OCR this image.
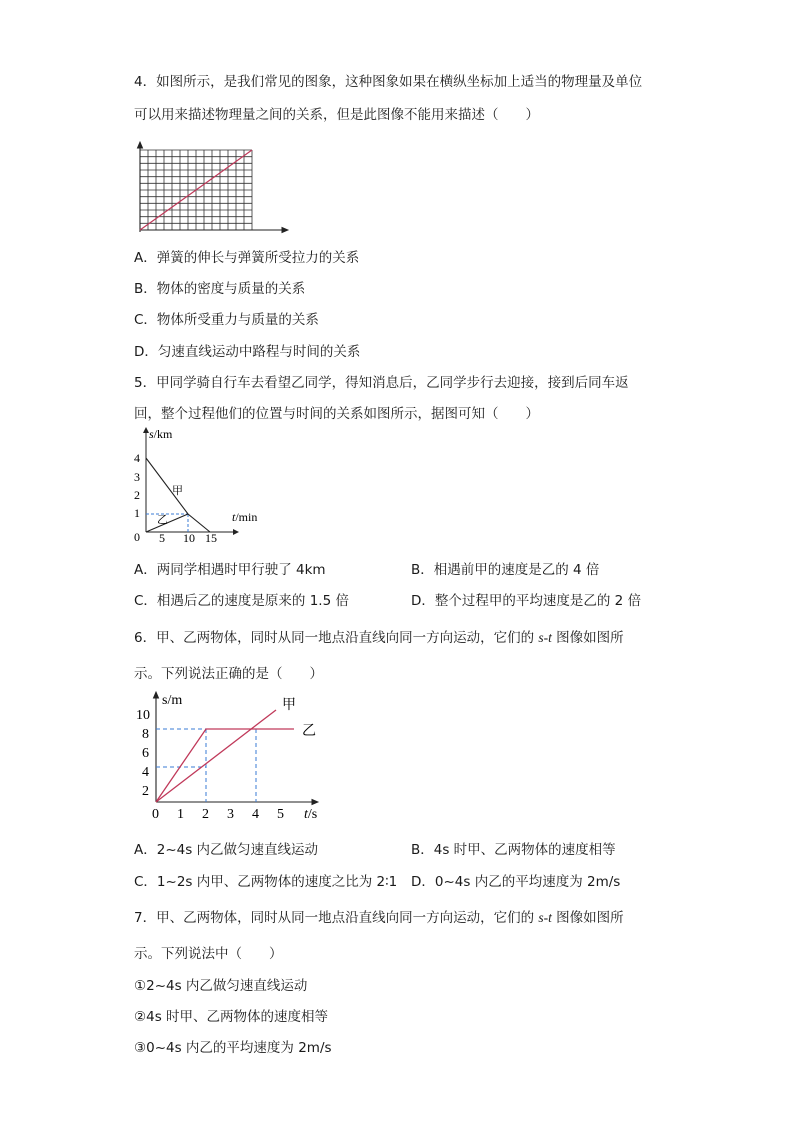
4．如图所示，是我们常见的图象，这种图象如果在横纵坐标加上适当的物理量及单位
可以用来描述物理量之间的关系，但是此图像不能用来描述（　　）
A．弹簧的伸长与弹簧所受拉力的关系
B．物体的密度与质量的关系
C．物体所受重力与质量的关系
D．匀速直线运动中路程与时间的关系
5．甲同学骑自行车去看望乙同学，得知消息后，乙同学步行去迎接，接到后同车返
回，整个过程他们的位置与时间的关系如图所示，据图可知（　　）
s/km
t/min
4
3
2
1
0 5 10 15
甲
乙
A．两同学相遇时甲行驶了 4km	B．相遇前甲的速度是乙的 4 倍
C．相遇后乙的速度是原来的 1.5 倍	D．整个过程甲的平均速度是乙的 2 倍
6．甲、乙两物体，同时从同一地点沿直线向同一方向运动，它们的 s-t 图像如图所
示。下列说法正确的是（　　）
s/m
t/s
10
8
6
4
2
0 1 2 3 4 5
甲
乙
A．2~4s 内乙做匀速直线运动	B．4s 时甲、乙两物体的速度相等
C．1~2s 内甲、乙两物体的速度之比为 2∶1 D．0~4s 内乙的平均速度为 2m/s
7．甲、乙两物体，同时从同一地点沿直线向同一方向运动，它们的 s-t 图像如图所
示。下列说法中（　　）
①2~4s 内乙做匀速直线运动
②4s 时甲、乙两物体的速度相等
③0~4s 内乙的平均速度为 2m/s
